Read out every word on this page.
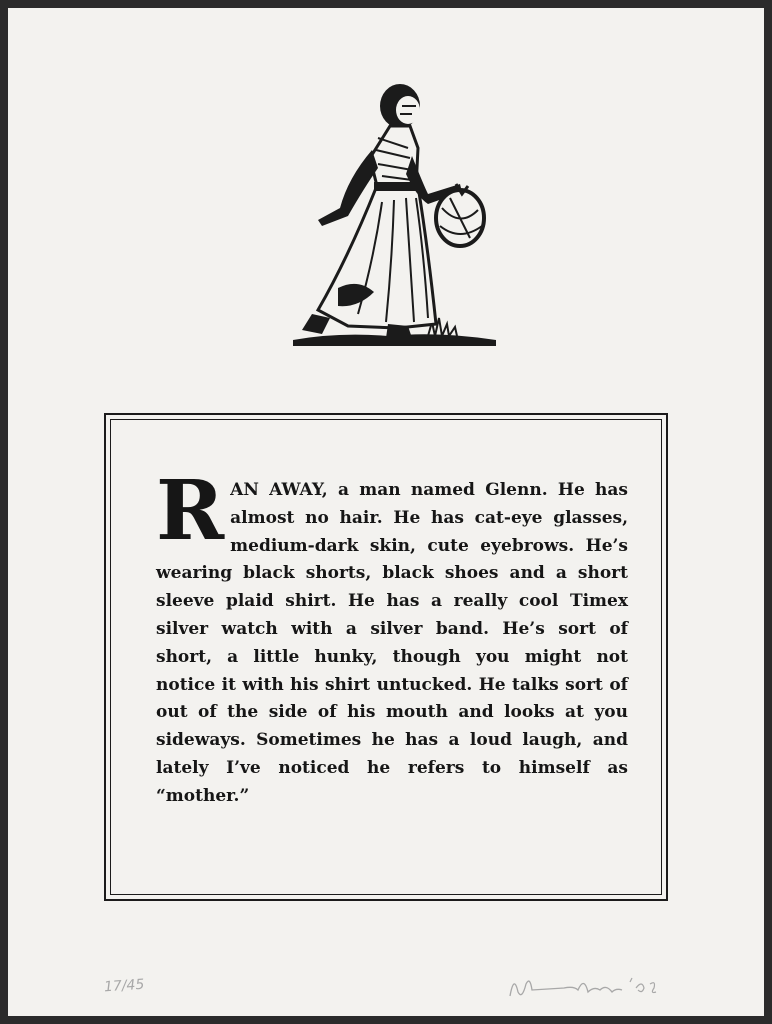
RAN AWAY, a man named Glenn. He has almost no hair. He has cat-eye glasses, medium-dark skin, cute eyebrows. He’s wearing black shorts, black shoes and a short sleeve plaid shirt. He has a really cool Timex silver watch with a silver band. He’s sort of short, a little hunky, though you might not notice it with his shirt untucked. He talks sort of out of the side of his mouth and looks at you sideways. Sometimes he has a loud laugh, and lately I’ve noticed he refers to himself as “mother.”

17/45
